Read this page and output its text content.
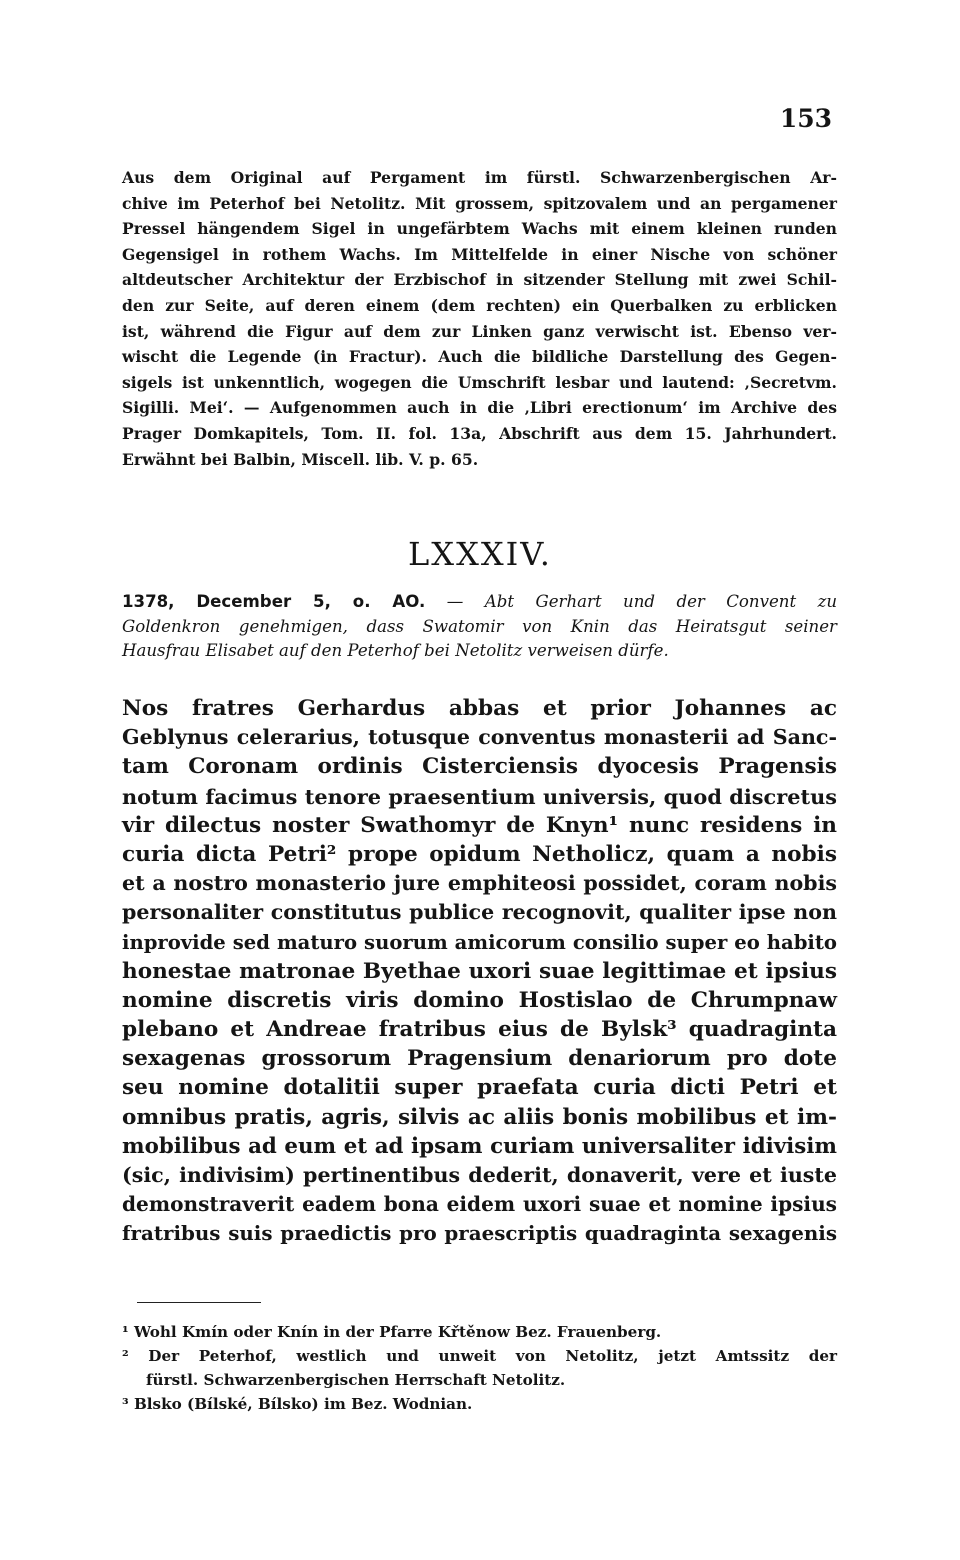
153
Aus dem Original auf Pergament im fürstl. Schwarzenbergischen Ar-
chive im Peterhof bei Netolitz. Mit grossem, spitzovalem und an pergamener
Pressel hängendem Sigel in ungefärbtem Wachs mit einem kleinen runden
Gegensigel in rothem Wachs. Im Mittelfelde in einer Nische von schöner
altdeutscher Architektur der Erzbischof in sitzender Stellung mit zwei Schil-
den zur Seite, auf deren einem (dem rechten) ein Querbalken zu erblicken
ist, während die Figur auf dem zur Linken ganz verwischt ist. Ebenso ver-
wischt die Legende (in Fractur). Auch die bildliche Darstellung des Gegen-
sigels ist unkenntlich, wogegen die Umschrift lesbar und lautend: ‚Secretvm.
Sigilli. Mei‘. — Aufgenommen auch in die ‚Libri erectionum‘ im Archive des
Prager Domkapitels, Tom. II. fol. 13a, Abschrift aus dem 15. Jahrhundert.
Erwähnt bei Balbin, Miscell. lib. V. p. 65.
LXXXIV.
1378, December 5, o. AO. — Abt Gerhart und der Convent zu
Goldenkron genehmigen, dass Swatomir von Knin das Heiratsgut seiner
Hausfrau Elisabet auf den Peterhof bei Netolitz verweisen dürfe.
Nos fratres Gerhardus abbas et prior Johannes ac
Geblynus celerarius, totusque conventus monasterii ad Sanc-
tam Coronam ordinis Cisterciensis dyocesis Pragensis
notum facimus tenore praesentium universis, quod discretus
vir dilectus noster Swathomyr de Knyn¹ nunc residens in
curia dicta Petri² prope opidum Netholicz, quam a nobis
et a nostro monasterio jure emphiteosi possidet, coram nobis
personaliter constitutus publice recognovit, qualiter ipse non
inprovide sed maturo suorum amicorum consilio super eo habito
honestae matronae Byethae uxori suae legittimae et ipsius
nomine discretis viris domino Hostislao de Chrumpnaw
plebano et Andreae fratribus eius de Bylsk³ quadraginta
sexagenas grossorum Pragensium denariorum pro dote
seu nomine dotalitii super praefata curia dicti Petri et
omnibus pratis, agris, silvis ac aliis bonis mobilibus et im-
mobilibus ad eum et ad ipsam curiam universaliter idivisim
(sic, indivisim) pertinentibus dederit, donaverit, vere et iuste
demonstraverit eadem bona eidem uxori suae et nomine ipsius
fratribus suis praedictis pro praescriptis quadraginta sexagenis
¹ Wohl Kmín oder Knín in der Pfarre Křtěnow Bez. Frauenberg.
² Der Peterhof, westlich und unweit von Netolitz, jetzt Amtssitz der
fürstl. Schwarzenbergischen Herrschaft Netolitz.
³ Blsko (Bílské, Bílsko) im Bez. Wodnian.
